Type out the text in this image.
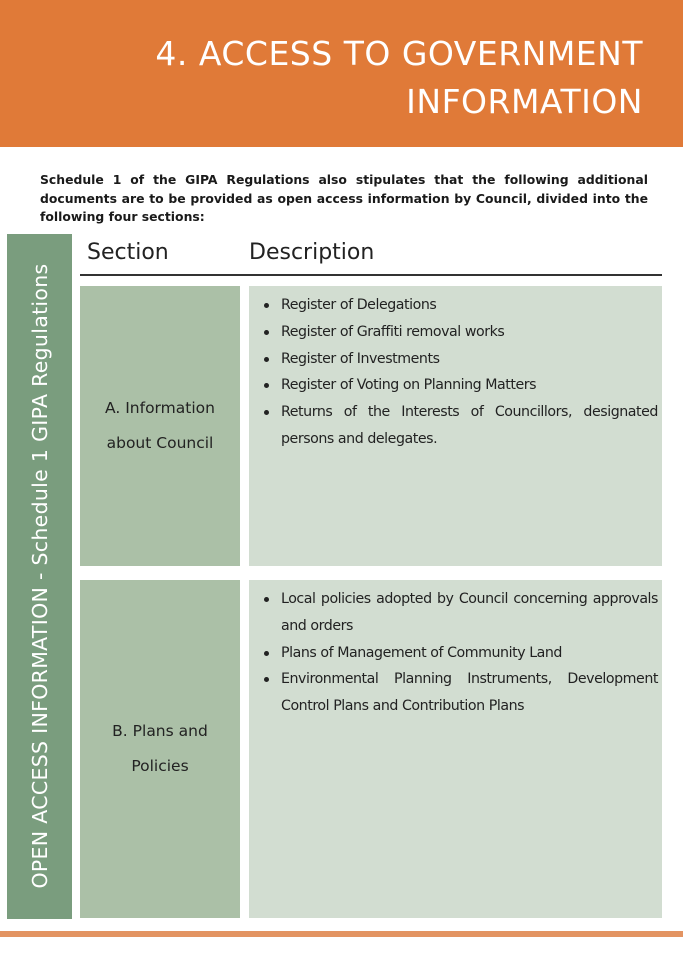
4. ACCESS TO GOVERNMENT
INFORMATION

Schedule 1 of the GIPA Regulations also stipulates that the following additional documents are to be provided as open access information by Council, divided into the following four sections:

OPEN ACCESS INFORMATION - Schedule 1 GIPA Regulations
Section	Description
A. Information
about Council
Register of Delegations
Register of Graffiti removal works
Register of Investments
Register of Voting on Planning Matters
Returns of the Interests of Councillors, designated persons and delegates.
B. Plans and
Policies
Local policies adopted by Council concerning approvals and orders
Plans of Management of Community Land
Environmental Planning Instruments, Development Control Plans and Contribution Plans
